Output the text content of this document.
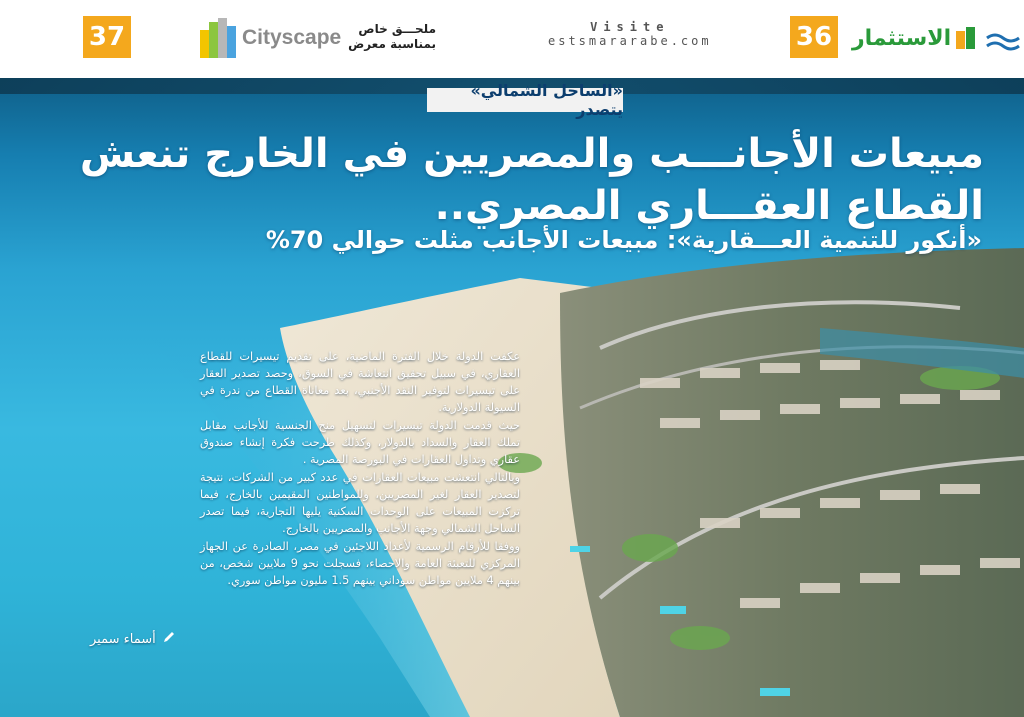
37	Cityscape	ملحـــق خاص
بمناسبة معرض
Visite
estsmararabe.com	36 الاستثمار
«الساحل الشمالي» يتصدر
مبيعات الأجانـــب والمصريين في الخارج تنعش
القطاع العقـــاري المصري..
«أنكور للتنمية العـــقارية»: مبيعات الأجانب مثلت حوالي 70%

عكفت الدولة خلال الفترة الماضية، على تقديم تيسيرات للقطاع العقاري، في سبيل تحقيق انتعاشة في السوق، وحصد تصدير العقار على تيسيرات لتوفير النقد الأجنبي، بعد معاناة القطاع من ندرة في السيولة الدولارية.

حيث قدمت الدولة تيسيرات لتسهيل منح الجنسية للأجانب مقابل تملك العقار والسداد بالدولار، وكذلك طرحت فكرة إنشاء صندوق عقاري وتداول العقارات في البورصة المصرية .

وبالتالي انتعشت مبيعات العقارات في عدد كبير من الشركات، نتيجة لتصدير العقار لغير المصريين، وللمواطنين المقيمين بالخارج، فيما تركزت المبيعات على الوحدات السكنية يليها التجارية، فيما تصدر الساحل الشمالي وجهة الأجانب والمصريين بالخارج.

ووفقا للأرقام الرسمية لأعداد اللاجئين في مصر، الصادرة عن الجهاز المركزي للتعبئة العامة والاحصاء، فسجلت نحو 9 ملايين شخص، من بينهم 4 ملايين مواطن سوداني بينهم 1.5 مليون مواطن سوري.

أسماء سمير
